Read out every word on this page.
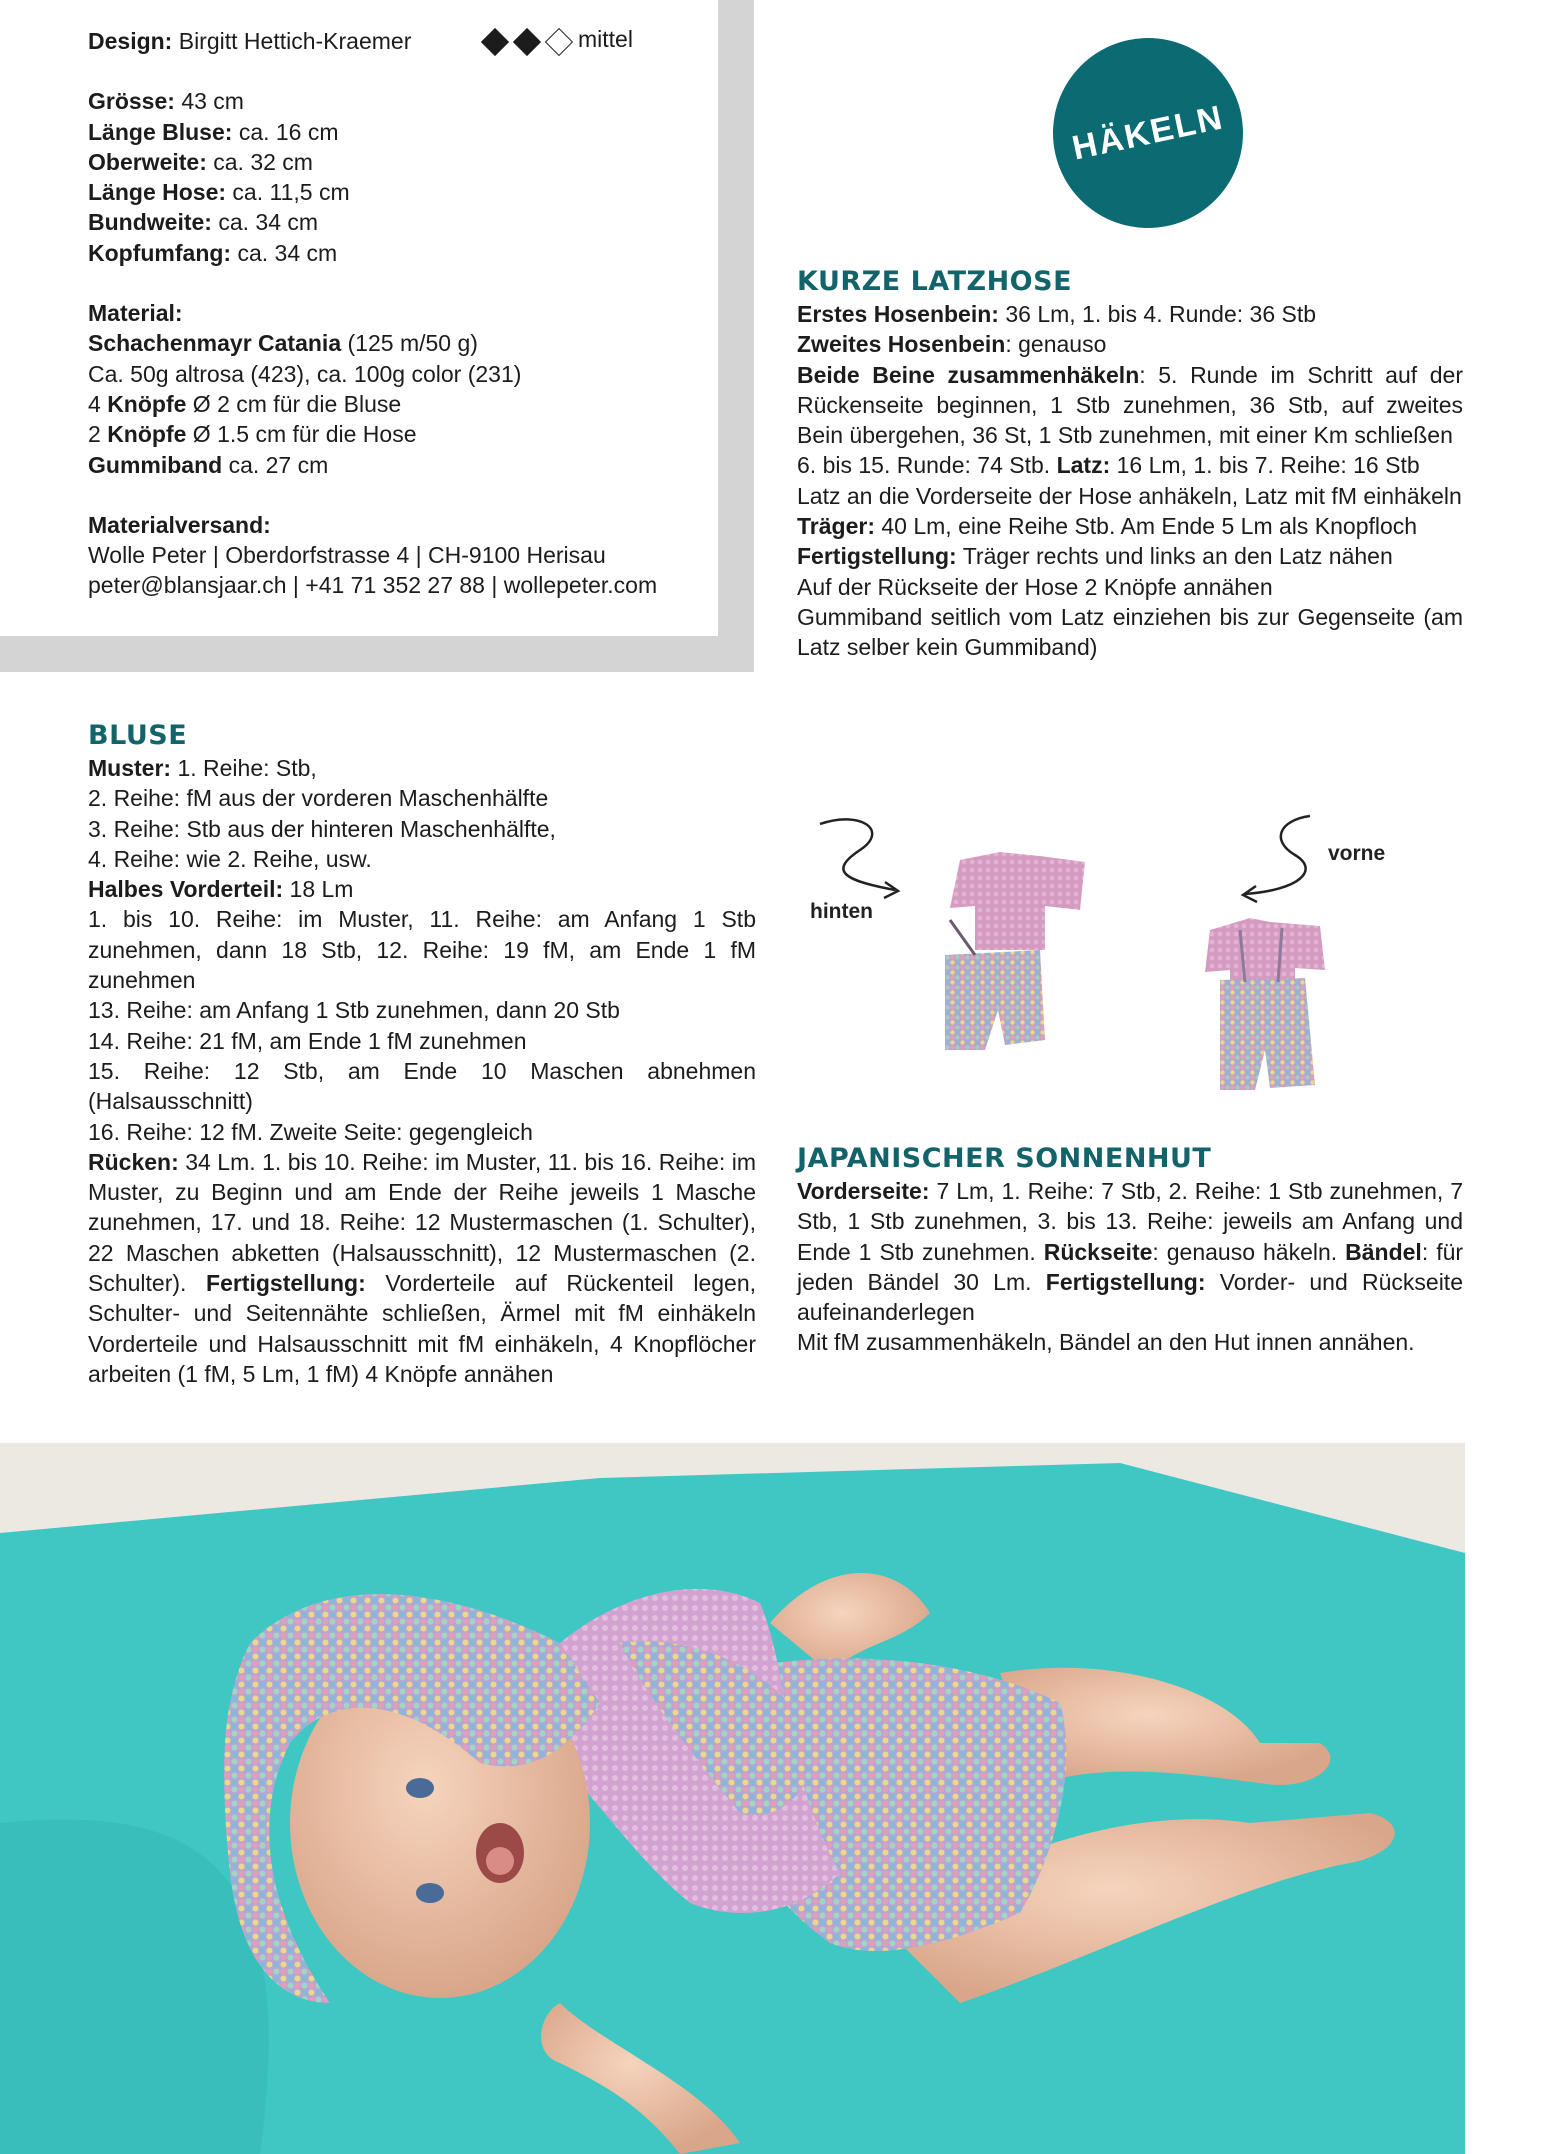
mittel
Design: Birgitt Hettich-Kraemer
Grösse: 43 cm
Länge Bluse: ca. 16 cm
Oberweite: ca. 32 cm
Länge Hose: ca. 11,5 cm
Bundweite: ca. 34 cm
Kopfumfang: ca. 34 cm
Material:
Schachenmayr Catania (125 m/50 g)
Ca. 50g altrosa (423), ca. 100g color (231)
4 Knöpfe Ø 2 cm für die Bluse
2 Knöpfe Ø 1.5 cm für die Hose
Gummiband ca. 27 cm
Materialversand:
Wolle Peter | Oberdorfstrasse 4 | CH-9100 Herisau
peter@blansjaar.ch | +41 71 352 27 88 | wollepeter.com
HÄKELN
KURZE LATZHOSE

Erstes Hosenbein: 36 Lm, 1. bis 4. Runde: 36 Stb

Zweites Hosenbein: genauso

Beide Beine zusammenhäkeln: 5. Runde im Schritt auf der Rückenseite beginnen, 1 Stb zunehmen, 36 Stb, auf zweites Bein übergehen, 36 St, 1 Stb zunehmen, mit einer Km schließen

6. bis 15. Runde: 74 Stb. Latz: 16 Lm, 1. bis 7. Reihe: 16 Stb

Latz an die Vorderseite der Hose anhäkeln, Latz mit fM einhäkeln

Träger: 40 Lm, eine Reihe Stb. Am Ende 5 Lm als Knopfloch

Fertigstellung: Träger rechts und links an den Latz nähen

Auf der Rückseite der Hose 2 Knöpfe annähen

Gummiband seitlich vom Latz einziehen bis zur Gegenseite (am Latz selber kein Gummiband)

hinten
vorne
BLUSE

Muster: 1. Reihe: Stb,

2. Reihe: fM aus der vorderen Maschenhälfte

3. Reihe: Stb aus der hinteren Maschenhälfte,

4. Reihe: wie 2. Reihe, usw.

Halbes Vorderteil: 18 Lm

1. bis 10. Reihe: im Muster, 11. Reihe: am Anfang 1 Stb zunehmen, dann 18 Stb, 12. Reihe: 19 fM, am Ende 1 fM zunehmen

13. Reihe: am Anfang 1 Stb zunehmen, dann 20 Stb

14. Reihe: 21 fM, am Ende 1 fM zunehmen

15. Reihe: 12 Stb, am Ende 10 Maschen abnehmen (Halsausschnitt)

16. Reihe: 12 fM. Zweite Seite: gegengleich

Rücken: 34 Lm. 1. bis 10. Reihe: im Muster, 11. bis 16. Reihe: im Muster, zu Beginn und am Ende der Reihe jeweils 1 Masche zunehmen, 17. und 18. Reihe: 12 Mustermaschen (1. Schulter), 22 Maschen abketten (Halsausschnitt), 12 Mustermaschen (2. Schulter). Fertigstellung: Vorderteile auf Rückenteil legen, Schulter- und Seitennähte schließen, Ärmel mit fM einhäkeln Vorderteile und Halsausschnitt mit fM einhäkeln, 4 Knopflöcher arbeiten (1 fM, 5 Lm, 1 fM) 4 Knöpfe annähen

JAPANISCHER SONNENHUT

Vorderseite: 7 Lm, 1. Reihe: 7 Stb, 2. Reihe: 1 Stb zunehmen, 7 Stb, 1 Stb zunehmen, 3. bis 13. Reihe: jeweils am Anfang und Ende 1 Stb zunehmen. Rückseite: genauso häkeln. Bändel: für jeden Bändel 30 Lm. Fertigstellung: Vorder- und Rückseite aufeinanderlegen

Mit fM zusammenhäkeln, Bändel an den Hut innen annähen.
